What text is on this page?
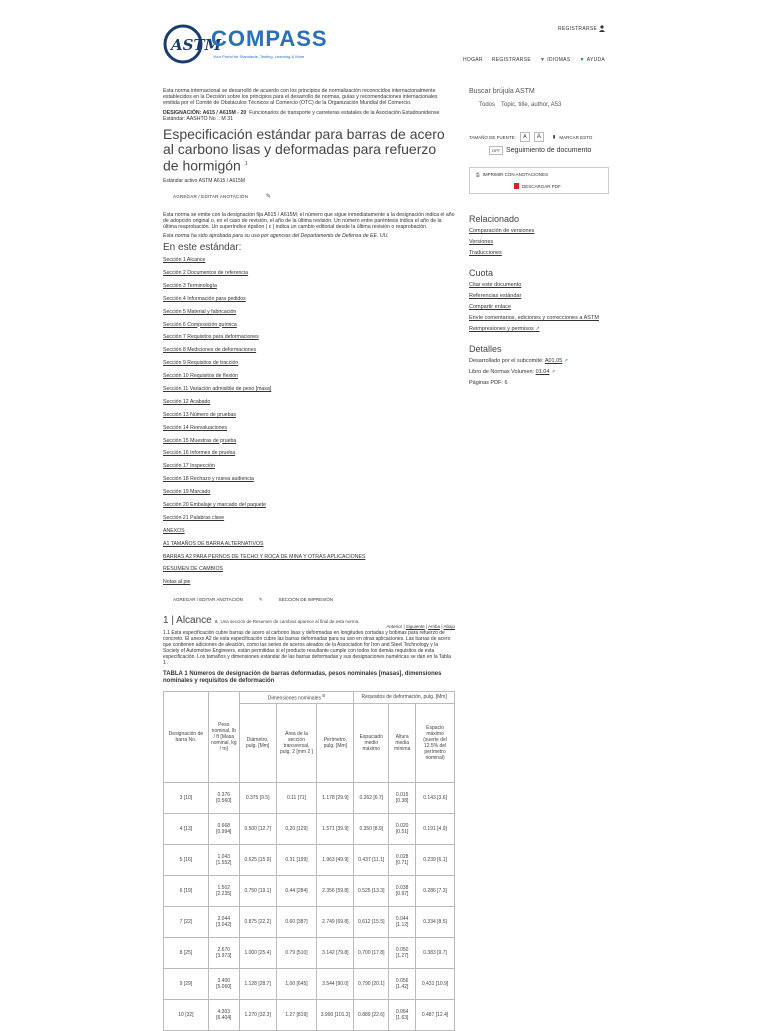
ASTM
COMPASS
Your Portal for Standards, Testing, Learning & More
REGISTRARSE
HOGAR REGISTRARSE ▼ IDIOMAS ▼ AYUDA

Esta norma internacional se desarrolló de acuerdo con los principios de normalización reconocidos internacionalmente establecidos en la Decisión sobre los principios para el desarrollo de normas, guías y recomendaciones internacionales emitida por el Comité de Obstáculos Técnicos al Comercio (OTC) de la Organización Mundial del Comercio.

DESIGNACIÓN: A615 / A615M - 20 Funcionarios de transporte y carreteras estatales de la Asociación Estadounidense Estándar: AASHTO No .: M 31

Especificación estándar para barras de acero al carbono lisas y deformadas para refuerzo de hormigón $^1$

Estándar activo ASTM A615 / A615M

AGREGAR / EDITAR ANOTACIÓN	✎

Esta norma se emite con la designación fija A615 / A615M; el número que sigue inmediatamente a la designación indica el año de adopción original o, en el caso de revisión, el año de la última revisión. Un número entre paréntesis indica el año de la última reaprobación. Un superíndice épsilon ( ε ) indica un cambio editorial desde la última revisión o reaprobación.

Esta norma ha sido aprobada para su uso por agencias del Departamento de Defensa de EE. UU.

En este estándar:
Sección 1 Alcance
Sección 2 Documentos de referencia
Sección 3 Terminología
Sección 4 Información para pedidos
Sección 5 Material y fabricación
Sección 6 Composición química
Sección 7 Requisitos para deformaciones
Sección 8 Mediciones de deformaciones
Sección 9 Requisitos de tracción
Sección 10 Requisitos de flexión
Sección 11 Variación admisible de peso [masa]
Sección 12 Acabado
Sección 13 Número de pruebas
Sección 14 Reevaluaciones
Sección 15 Muestras de prueba
Sección 16 Informes de prueba
Sección 17 Inspección
Sección 18 Rechazo y nueva audiencia
Sección 19 Marcado
Sección 20 Embalaje y marcado del paquete
Sección 21 Palabras clave
ANEXOS
A1 TAMAÑOS DE BARRA ALTERNATIVOS
BARRAS A2 PARA PERNOS DE TECHO Y ROCA DE MINA Y OTRAS APLICACIONES
RESUMEN DE CAMBIOS
Notas al pie
AGREGAR / EDITAR ANOTACIÓN	✎	SECCIÓN DE IMPRESIÓN
1 | Alcance a Una sección de Resumen de cambios aparece al final de esta norma.
Anterior | Siguiente | Arriba | Abajo

1.1 Esta especificación cubre barras de acero al carbono lisas y deformadas en longitudes cortadas y bobinas para refuerzo de concreto. El anexo A2 de esta especificación cubre las barras deformadas para su uso en otras aplicaciones. Las barras de acero que contienen adiciones de aleación, como las series de aceros aleados de la Association for Iron and Steel Technology y la Society of Automotive Engineers, están permitidas si el producto resultante cumple con todos los demás requisitos de esta especificación. Los tamaños y dimensiones estándar de las barras deformadas y sus designaciones numéricas se dan en la Tabla 1 .

TABLA 1 Números de designación de barras deformadas, pesos nominales [masas], dimensiones nominales y requisitos de deformación

Designación de barra No.	Peso nominal, lb / ft [Masa nominal, kg / m]	Dimensiones nominales $^B$			Requisitos de deformación, pulg. [Mm]		
		Diámetro, pulg. [Mm]	Área de la sección transversal, pulg. 2 [mm 2 ]	Perímetro, pulg. [Mm]	Espaciado medio máximo	Altura media mínima	Espacio máximo (suerte del 12.5% del perímetro nominal)
3 [10]	0.376 [0.560]	0.375 [9.5]	0.11 [71]	1.178 [29.9]	0.262 [6.7]	0.015 [0.38]	0.143 [3.6]
4 [13]	0.668 [0.994]	0.500 [12.7]	0,20 [129]	1.571 [39.9]	0.350 [8.9]	0.020 [0.51]	0.191 [4.9]
5 [16]	1.043 [1.552]	0.625 [15.9]	0.31 [199]	1.963 [49.9]	0.437 [11.1]	0.028 [0.71]	0.239 [6.1]
6 [19]	1.502 [2.235]	0,750 [19.1]	0,44 [284]	2.356 [59.8]	0.525 [13.3]	0.038 [0.97]	0.286 [7.3]
7 [22]	2.044 [3.042]	0.875 [22.2]	0.60 [387]	2.749 [69.8]	0,612 [15.5]	0.044 [1.12]	0.334 [8.5]
8 [25]	2.670 [3.973]	1.000 [25.4]	0.79 [510]	3.142 [79.8]	0,700 [17.8]	0.050 [1.27]	0.383 [9.7]
9 [29]	3.400 [5.060]	1.128 [28.7]	1,00 [645]	3.544 [90.0]	0,790 [20.1]	0.056 [1.42]	0,431 [10.9]
10 [32]	4.303 [6.404]	1.270 [32.3]	1.27 [819]	3.990 [101.3]	0.889 [22.6]	0.064 [1.63]	0.487 [12.4]
Buscar brújula ASTM
Todos Topic, title, author, A53
TAMAÑO DE FUENTE:	A	A	▮ MARCAR ESTO
OFF Seguimiento de documento
⎙ IMPRIMIR CON ANOTACIONES
DESCARGAR PDF
Relacionado
Comparación de versiones
Versiones
Traducciones
Cuota
Citar este documento
Referencias estándar
Compartir enlace
Envíe comentarios, ediciones y correcciones a ASTM
Reimpresiones y permisos ↗
Detalles
Desarrollado por el subcomité: A01.05 ↗
Libro de Normas Volumen: 01.04 ↗
Páginas PDF: 6
